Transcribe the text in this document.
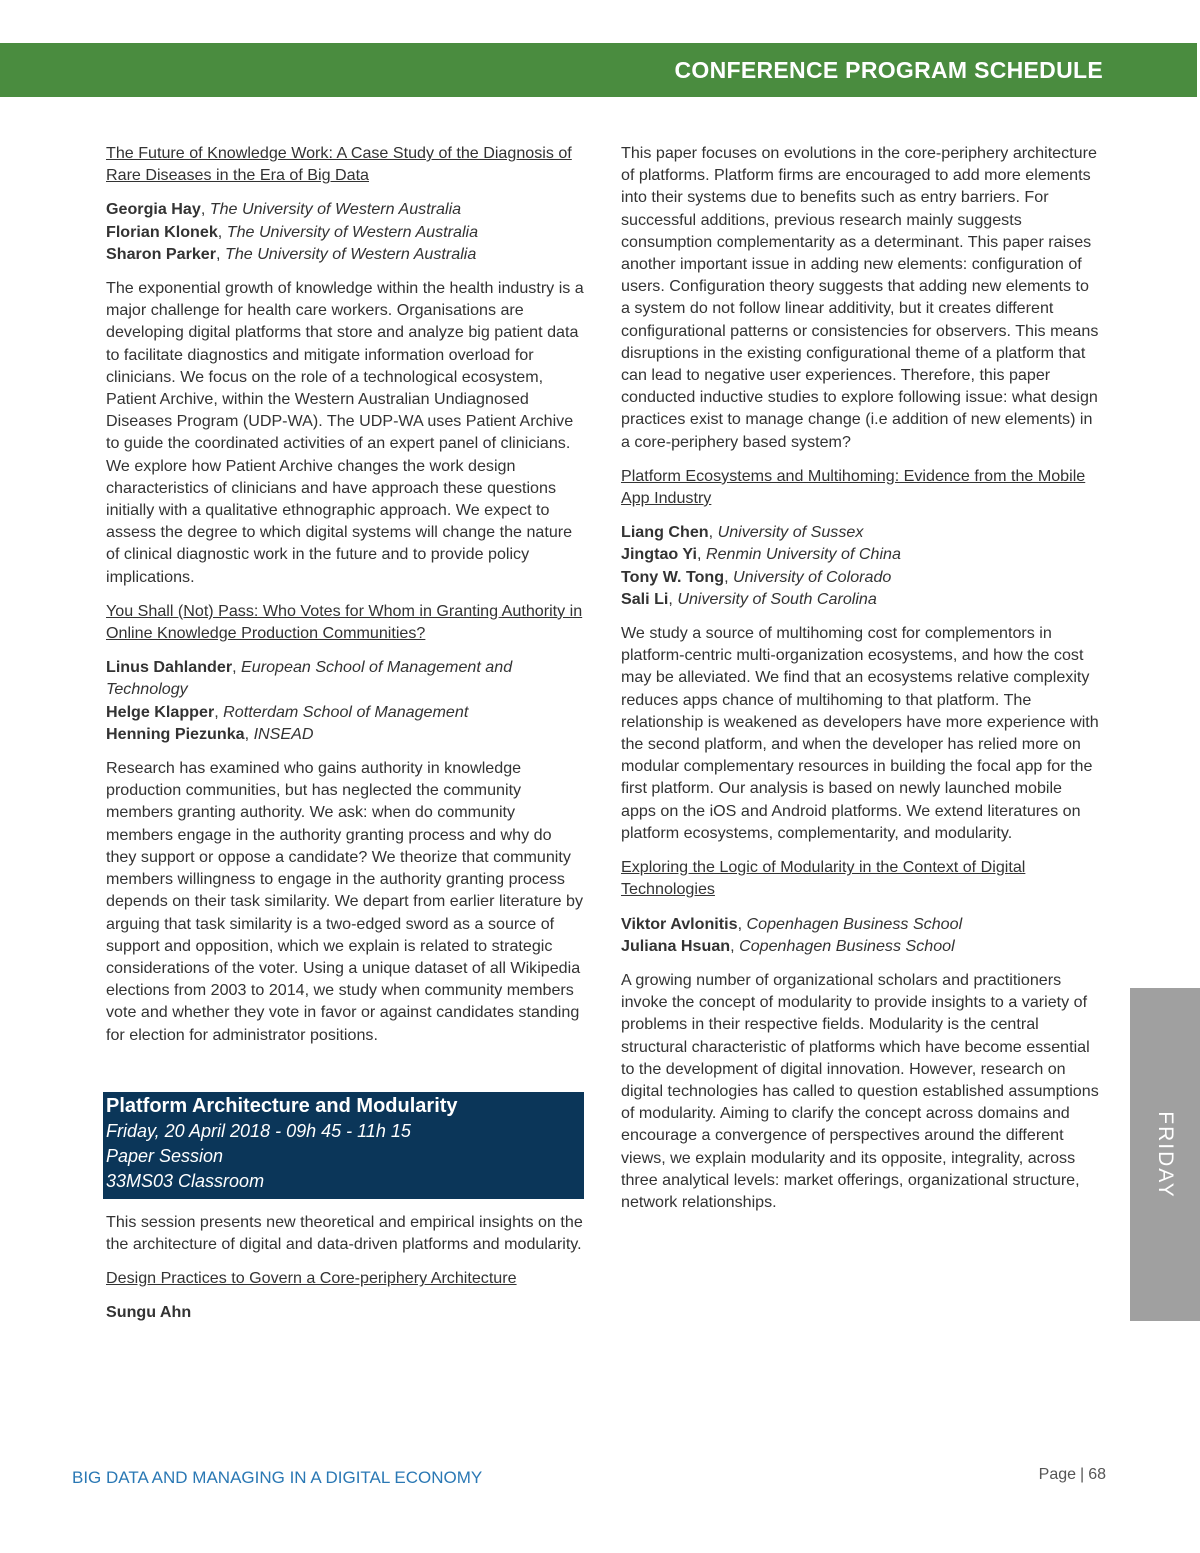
CONFERENCE PROGRAM SCHEDULE

The Future of Knowledge Work: A Case Study of the Diagnosis of Rare Diseases in the Era of Big Data

Georgia Hay, The University of Western Australia
Florian Klonek, The University of Western Australia
Sharon Parker, The University of Western Australia

The exponential growth of knowledge within the health industry is a major challenge for health care workers. Organisations are developing digital platforms that store and analyze big patient data to facilitate diagnostics and mitigate information overload for clinicians. We focus on the role of a technological ecosystem, Patient Archive, within the Western Australian Undiagnosed Diseases Program (UDP-WA). The UDP-WA uses Patient Archive to guide the coordinated activities of an expert panel of clinicians. We explore how Patient Archive changes the work design characteristics of clinicians and have approach these questions initially with a qualitative ethnographic approach. We expect to assess the degree to which digital systems will change the nature of clinical diagnostic work in the future and to provide policy implications.

You Shall (Not) Pass: Who Votes for Whom in Granting Authority in Online Knowledge Production Communities?

Linus Dahlander, European School of Management and Technology
Helge Klapper, Rotterdam School of Management
Henning Piezunka, INSEAD

Research has examined who gains authority in knowledge production communities, but has neglected the community members granting authority. We ask: when do community members engage in the authority granting process and why do they support or oppose a candidate? We theorize that community members willingness to engage in the authority granting process depends on their task similarity. We depart from earlier literature by arguing that task similarity is a two-edged sword as a source of support and opposition, which we explain is related to strategic considerations of the voter. Using a unique dataset of all Wikipedia elections from 2003 to 2014, we study when community members vote and whether they vote in favor or against candidates standing for election for administrator positions.

Platform Architecture and Modularity
Friday, 20 April 2018 - 09h 45 - 11h 15
Paper Session
33MS03 Classroom

This session presents new theoretical and empirical insights on the the architecture of digital and data-driven platforms and modularity.

Design Practices to Govern a Core-periphery Architecture

Sungu Ahn

This paper focuses on evolutions in the core-periphery architecture of platforms. Platform firms are encouraged to add more elements into their systems due to benefits such as entry barriers. For successful additions, previous research mainly suggests consumption complementarity as a determinant. This paper raises another important issue in adding new elements: configuration of users. Configuration theory suggests that adding new elements to a system do not follow linear additivity, but it creates different configurational patterns or consistencies for observers. This means disruptions in the existing configurational theme of a platform that can lead to negative user experiences. Therefore, this paper conducted inductive studies to explore following issue: what design practices exist to manage change (i.e addition of new elements) in a core-periphery based system?

Platform Ecosystems and Multihoming: Evidence from the Mobile App Industry

Liang Chen, University of Sussex
Jingtao Yi, Renmin University of China
Tony W. Tong, University of Colorado
Sali Li, University of South Carolina

We study a source of multihoming cost for complementors in platform-centric multi-organization ecosystems, and how the cost may be alleviated. We find that an ecosystems relative complexity reduces apps chance of multihoming to that platform. The relationship is weakened as developers have more experience with the second platform, and when the developer has relied more on modular complementary resources in building the focal app for the first platform. Our analysis is based on newly launched mobile apps on the iOS and Android platforms. We extend literatures on platform ecosystems, complementarity, and modularity.

Exploring the Logic of Modularity in the Context of Digital Technologies

Viktor Avlonitis, Copenhagen Business School
Juliana Hsuan, Copenhagen Business School

A growing number of organizational scholars and practitioners invoke the concept of modularity to provide insights to a variety of problems in their respective fields. Modularity is the central structural characteristic of platforms which have become essential to the development of digital innovation. However, research on digital technologies has called to question established assumptions of modularity. Aiming to clarify the concept across domains and encourage a convergence of perspectives around the different views, we explain modularity and its opposite, integrality, across three analytical levels: market offerings, organizational structure, network relationships.

FRIDAY
BIG DATA AND MANAGING IN A DIGITAL ECONOMY	Page | 68
